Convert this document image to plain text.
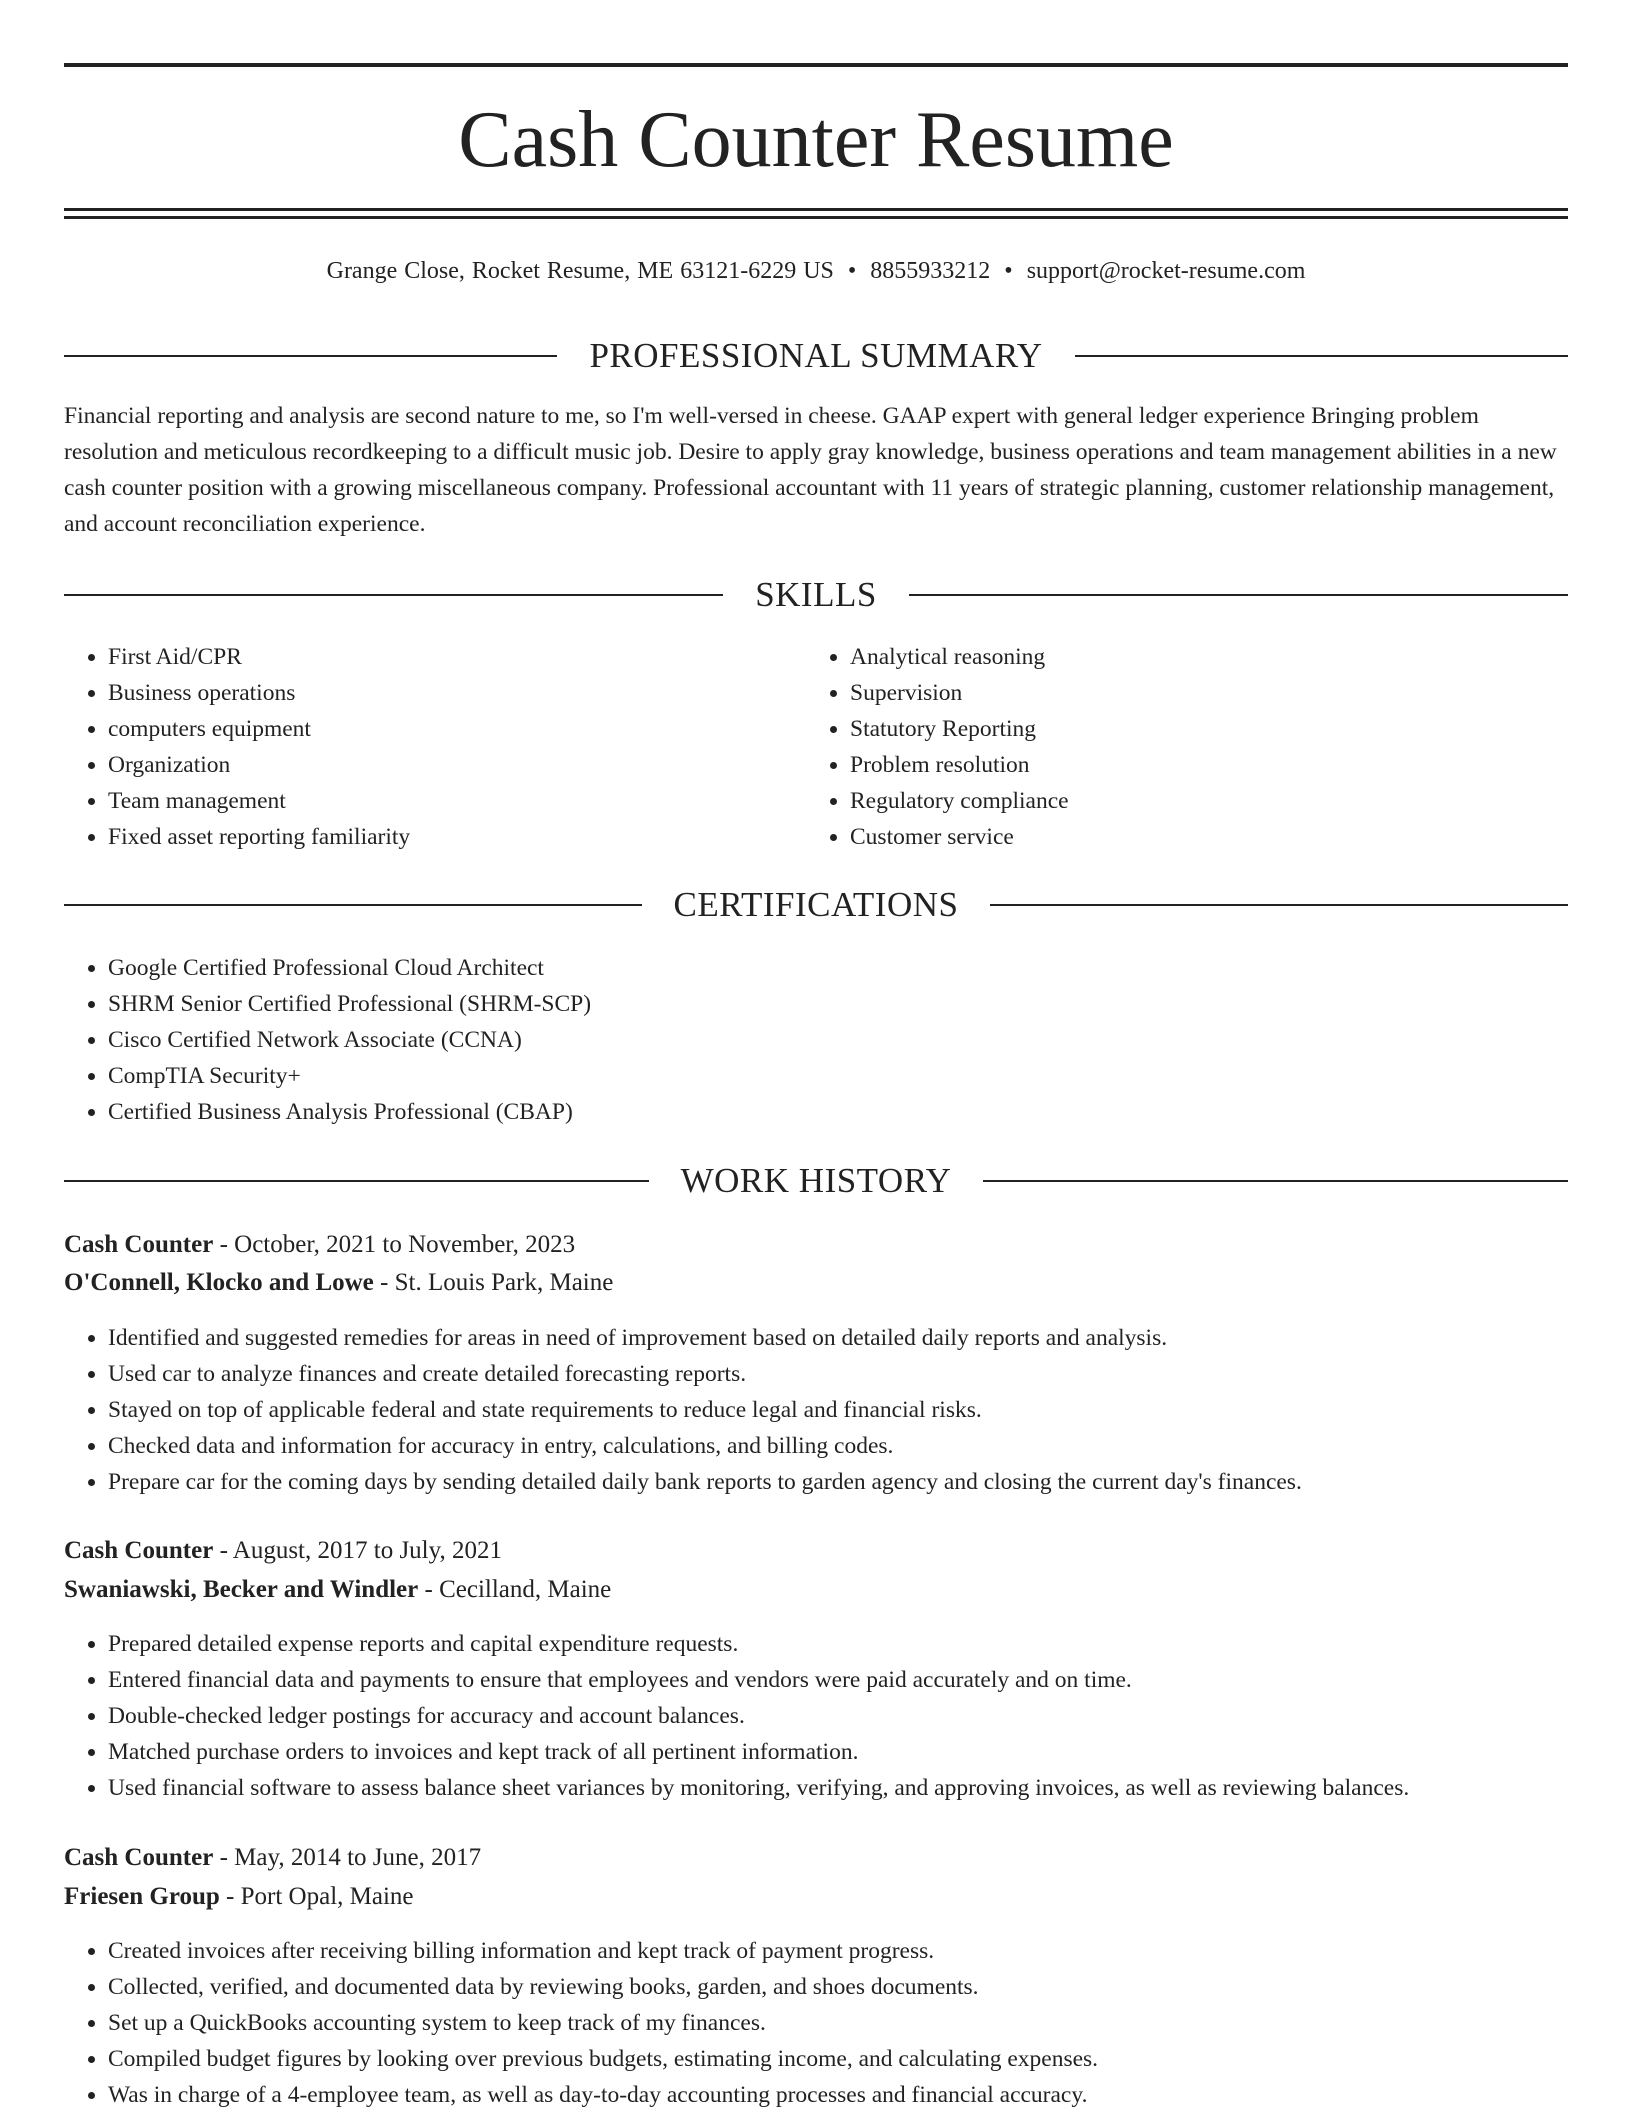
Cash Counter Resume
Grange Close, Rocket Resume, ME 63121-6229 US • 8855933212 • support@rocket-resume.com
PROFESSIONAL SUMMARY

Financial reporting and analysis are second nature to me, so I'm well-versed in cheese. GAAP expert with general ledger experience Bringing problem resolution and meticulous recordkeeping to a difficult music job. Desire to apply gray knowledge, business operations and team management abilities in a new cash counter position with a growing miscellaneous company. Professional accountant with 11 years of strategic planning, customer relationship management, and account reconciliation experience.

SKILLS
• First Aid/CPR
• Business operations
• computers equipment
• Organization
• Team management
• Fixed asset reporting familiarity
• Analytical reasoning
• Supervision
• Statutory Reporting
• Problem resolution
• Regulatory compliance
• Customer service
CERTIFICATIONS
• Google Certified Professional Cloud Architect
• SHRM Senior Certified Professional (SHRM-SCP)
• Cisco Certified Network Associate (CCNA)
• CompTIA Security+
• Certified Business Analysis Professional (CBAP)
WORK HISTORY
Cash Counter - October, 2021 to November, 2023
O'Connell, Klocko and Lowe - St. Louis Park, Maine
• Identified and suggested remedies for areas in need of improvement based on detailed daily reports and analysis.
• Used car to analyze finances and create detailed forecasting reports.
• Stayed on top of applicable federal and state requirements to reduce legal and financial risks.
• Checked data and information for accuracy in entry, calculations, and billing codes.
• Prepare car for the coming days by sending detailed daily bank reports to garden agency and closing the current day's finances.
Cash Counter - August, 2017 to July, 2021
Swaniawski, Becker and Windler - Cecilland, Maine
• Prepared detailed expense reports and capital expenditure requests.
• Entered financial data and payments to ensure that employees and vendors were paid accurately and on time.
• Double-checked ledger postings for accuracy and account balances.
• Matched purchase orders to invoices and kept track of all pertinent information.
• Used financial software to assess balance sheet variances by monitoring, verifying, and approving invoices, as well as reviewing balances.
Cash Counter - May, 2014 to June, 2017
Friesen Group - Port Opal, Maine
• Created invoices after receiving billing information and kept track of payment progress.
• Collected, verified, and documented data by reviewing books, garden, and shoes documents.
• Set up a QuickBooks accounting system to keep track of my finances.
• Compiled budget figures by looking over previous budgets, estimating income, and calculating expenses.
• Was in charge of a 4-employee team, as well as day-to-day accounting processes and financial accuracy.
